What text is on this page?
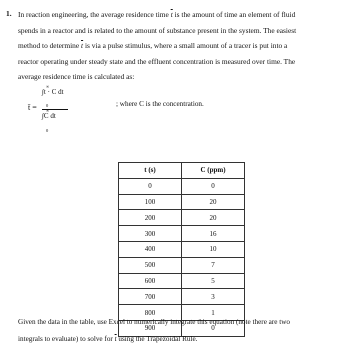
1. In reaction engineering, the average residence time $\overline{t}$ is the amount of time an element of fluid
spends in a reactor and is related to the amount of substance present in the system. The easiest
method to determine $\overline{t}$ is via a pulse stimulus, where a small amount of a tracer is put into a
reactor operating under steady state and the effluent concentration is measured over time. The
average residence time is calculated as:

t̄ =
∞
∫t · C dt
0
∞
∫C dt
0
; where C is the concentration.
t (s)	C (ppm)
0	0
100	20
200	20
300	16
400	10
500	7
600	5
700	3
800	1
900	0

Given the data in the table, use Excel to numerically integrate this equation (note there are two
integrals to evaluate) to solve for $\overline{t}$ using the Trapezoidal Rule.
